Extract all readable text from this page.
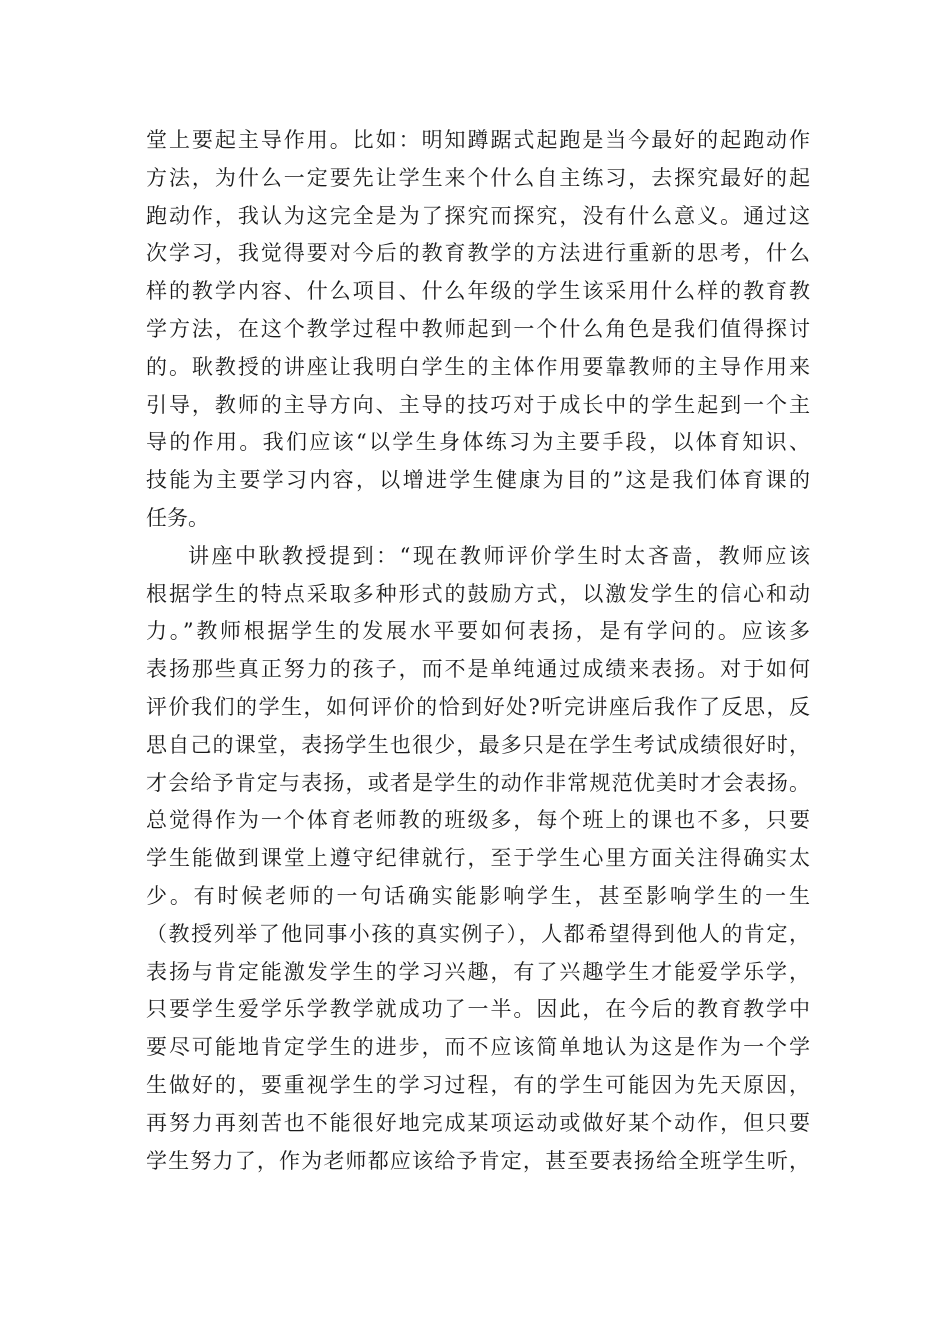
堂上要起主导作用。比如：明知蹲踞式起跑是当今最好的起跑动作
方法，为什么一定要先让学生来个什么自主练习，去探究最好的起
跑动作，我认为这完全是为了探究而探究，没有什么意义。通过这
次学习，我觉得要对今后的教育教学的方法进行重新的思考，什么
样的教学内容、什么项目、什么年级的学生该采用什么样的教育教
学方法，在这个教学过程中教师起到一个什么角色是我们值得探讨
的。耿教授的讲座让我明白学生的主体作用要靠教师的主导作用来
引导，教师的主导方向、主导的技巧对于成长中的学生起到一个主
导的作用。我们应该“以学生身体练习为主要手段，以体育知识、
技能为主要学习内容，以增进学生健康为目的”这是我们体育课的
任务。
讲座中耿教授提到：“现在教师评价学生时太吝啬，教师应该
根据学生的特点采取多种形式的鼓励方式，以激发学生的信心和动
力。”教师根据学生的发展水平要如何表扬，是有学问的。应该多
表扬那些真正努力的孩子，而不是单纯通过成绩来表扬。对于如何
评价我们的学生，如何评价的恰到好处?听完讲座后我作了反思，反
思自己的课堂，表扬学生也很少，最多只是在学生考试成绩很好时，
才会给予肯定与表扬，或者是学生的动作非常规范优美时才会表扬。
总觉得作为一个体育老师教的班级多，每个班上的课也不多，只要
学生能做到课堂上遵守纪律就行，至于学生心里方面关注得确实太
少。有时候老师的一句话确实能影响学生，甚至影响学生的一生
（教授列举了他同事小孩的真实例子），人都希望得到他人的肯定，
表扬与肯定能激发学生的学习兴趣，有了兴趣学生才能爱学乐学，
只要学生爱学乐学教学就成功了一半。因此，在今后的教育教学中
要尽可能地肯定学生的进步，而不应该简单地认为这是作为一个学
生做好的，要重视学生的学习过程，有的学生可能因为先天原因，
再努力再刻苦也不能很好地完成某项运动或做好某个动作，但只要
学生努力了，作为老师都应该给予肯定，甚至要表扬给全班学生听，
